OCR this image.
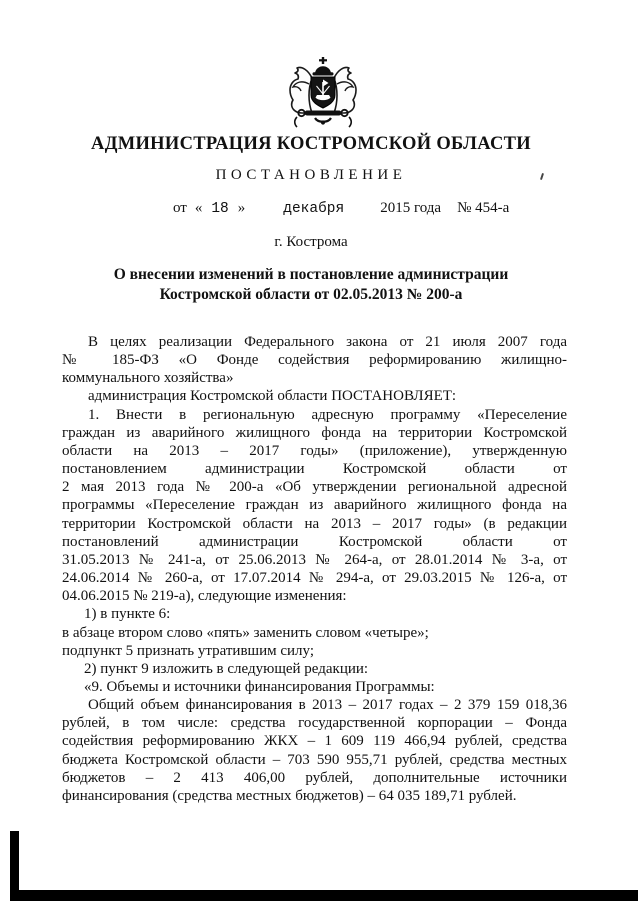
АДМИНИСТРАЦИЯ КОСТРОМСКОЙ ОБЛАСТИ
ПОСТАНОВЛЕНИЕ
от « 18 »	декабря 2015 года № 454-а
г. Кострома
О внесении изменений в постановление администрации
Костромской области от 02.05.2013 № 200-а
В целях реализации Федерального закона от 21 июля 2007 года
№ 185-ФЗ «О Фонде содействия реформированию жилищно-
коммунального хозяйства»
администрация Костромской области ПОСТАНОВЛЯЕТ:
1. Внести в региональную адресную программу «Переселение
граждан из аварийного жилищного фонда на территории Костромской
области на 2013 – 2017 годы» (приложение), утвержденную
постановлением администрации Костромской области от
2 мая 2013 года № 200-а «Об утверждении региональной адресной
программы «Переселение граждан из аварийного жилищного фонда на
территории Костромской области на 2013 – 2017 годы» (в редакции
постановлений администрации Костромской области от
31.05.2013 № 241-а, от 25.06.2013 № 264-а, от 28.01.2014 № 3-а, от
24.06.2014 № 260-а, от 17.07.2014 № 294-а, от 29.03.2015 № 126-а, от
04.06.2015 № 219-а), следующие изменения:
1) в пункте 6:
в абзаце втором слово «пять» заменить словом «четыре»;
подпункт 5 признать утратившим силу;
2) пункт 9 изложить в следующей редакции:
«9. Объемы и источники финансирования Программы:
Общий объем финансирования в 2013 – 2017 годах – 2 379 159 018,36
рублей, в том числе: средства государственной корпорации – Фонда
содействия реформированию ЖКХ – 1 609 119 466,94 рублей, средства
бюджета Костромской области – 703 590 955,71 рублей, средства местных
бюджетов – 2 413 406,00 рублей, дополнительные источники
финансирования (средства местных бюджетов) – 64 035 189,71 рублей.
